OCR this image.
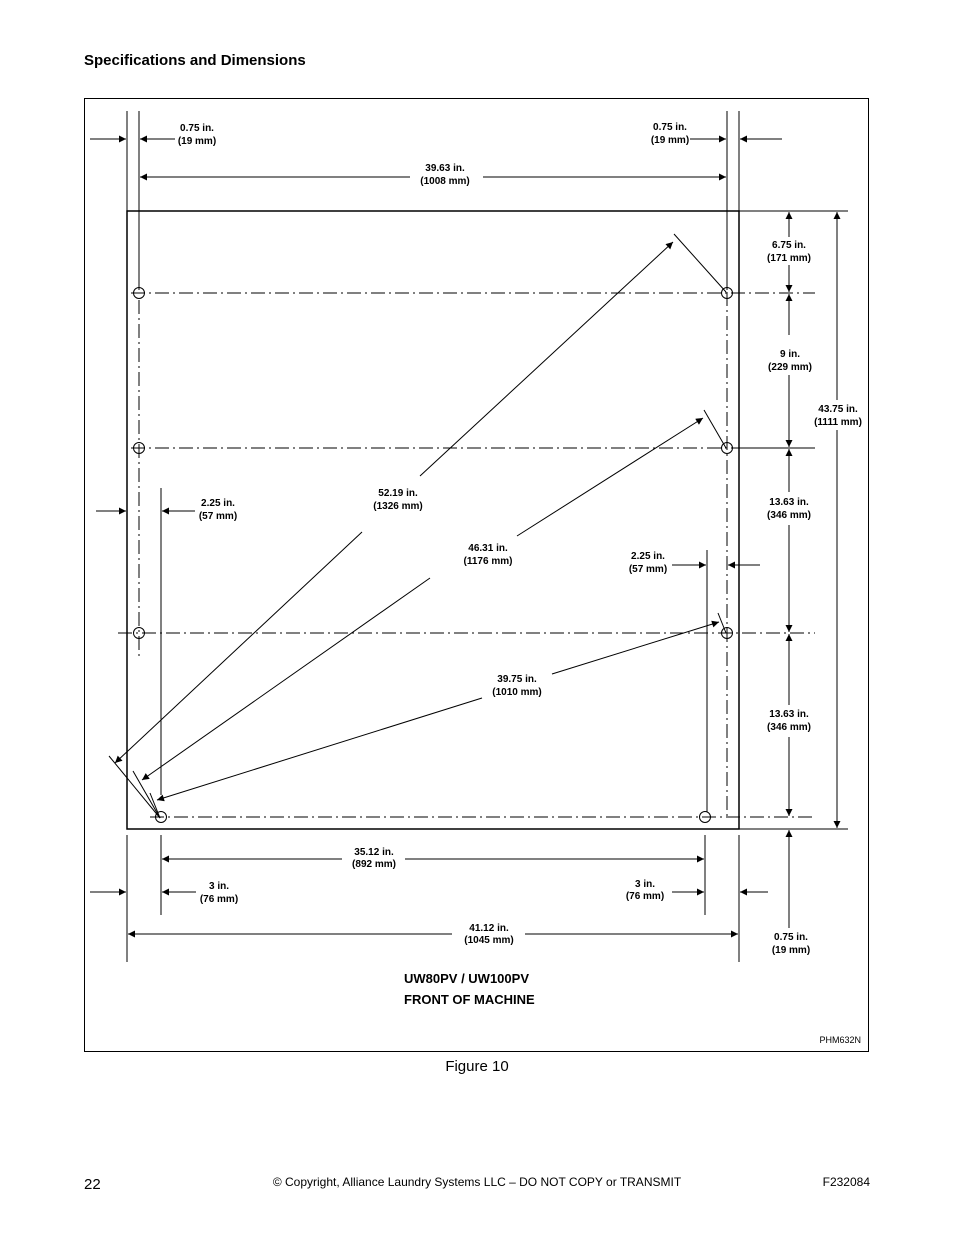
Specifications and Dimensions
0.75 in. (19 mm)
0.75 in. (19 mm)
39.63 in. (1008 mm)
6.75 in. (171 mm)
9 in. (229 mm)
43.75 in. (1111 mm)
13.63 in. (346 mm)
13.63 in. (346 mm)
52.19 in. (1326 mm)
46.31 in. (1176 mm)
39.75 in. (1010 mm)
2.25 in. (57 mm)
2.25 in. (57 mm)
35.12 in. (892 mm)
3 in. (76 mm)
3 in. (76 mm)
41.12 in. (1045 mm)	0.75 in. (19 mm)
UW80PV / UW100PV
FRONT OF MACHINE
PHM632N
Figure 10
22	© Copyright, Alliance Laundry Systems LLC – DO NOT COPY or TRANSMIT	F232084
